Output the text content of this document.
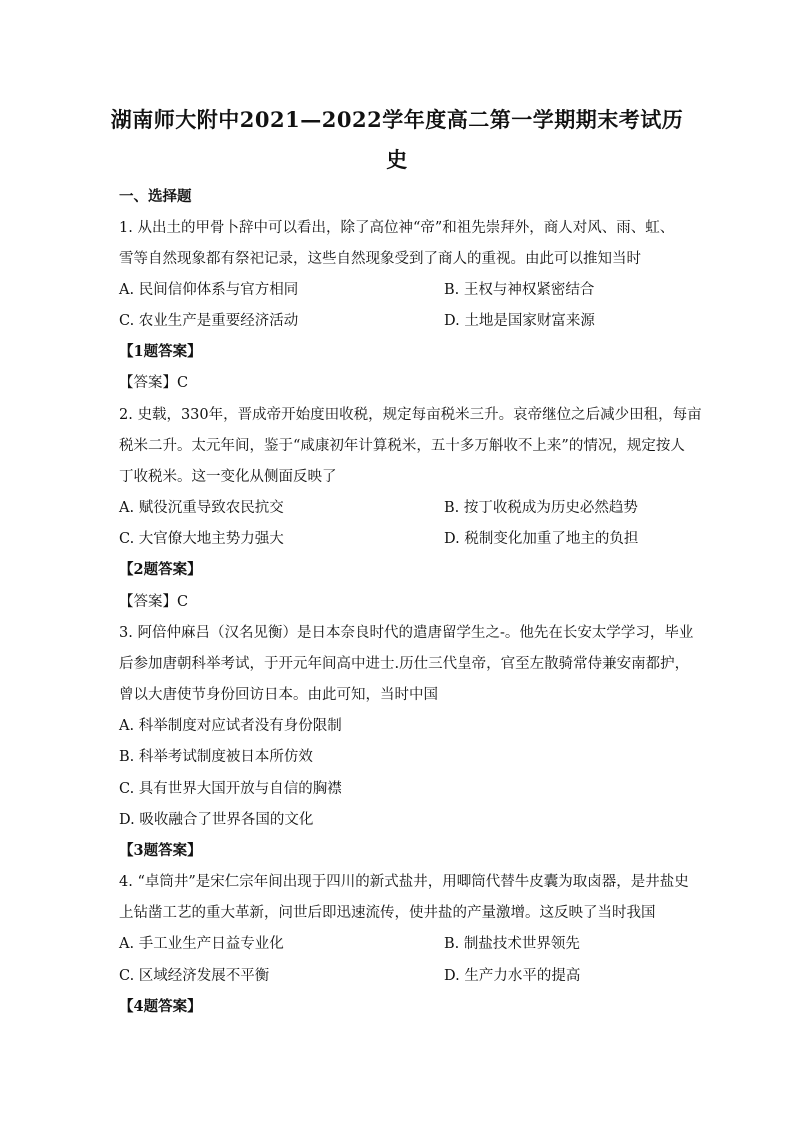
湖南师大附中2021—2022学年度高二第一学期期末考试历
史
一、选择题
1. 从出土的甲骨卜辞中可以看出，除了高位神“帝”和祖先崇拜外，商人对风、雨、虹、
雪等自然现象都有祭祀记录，这些自然现象受到了商人的重视。由此可以推知当时
A. 民间信仰体系与官方相同	B. 王权与神权紧密结合
C. 农业生产是重要经济活动	D. 土地是国家财富来源
【1题答案】
【答案】C
2. 史载，330年，晋成帝开始度田收税，规定每亩税米三升。哀帝继位之后减少田租，每亩
税米二升。太元年间，鉴于“咸康初年计算税米，五十多万斛收不上来”的情况，规定按人
丁收税米。这一变化从侧面反映了
A. 赋役沉重导致农民抗交	B. 按丁收税成为历史必然趋势
C. 大官僚大地主势力强大	D. 税制变化加重了地主的负担
【2题答案】
【答案】C
3. 阿倍仲麻吕（汉名见衡）是日本奈良时代的遣唐留学生之-。他先在长安太学学习，毕业
后参加唐朝科举考试，于开元年间高中进士.历仕三代皇帝，官至左散骑常侍兼安南都护，
曾以大唐使节身份回访日本。由此可知，当时中国
A. 科举制度对应试者没有身份限制
B. 科举考试制度被日本所仿效
C. 具有世界大国开放与自信的胸襟
D. 吸收融合了世界各国的文化
【3题答案】
4. “卓筒井”是宋仁宗年间出现于四川的新式盐井，用唧筒代替牛皮囊为取卤器，是井盐史
上钻凿工艺的重大革新，问世后即迅速流传，使井盐的产量激增。这反映了当时我国
A. 手工业生产日益专业化	B. 制盐技术世界领先
C. 区域经济发展不平衡	D. 生产力水平的提高
【4题答案】
